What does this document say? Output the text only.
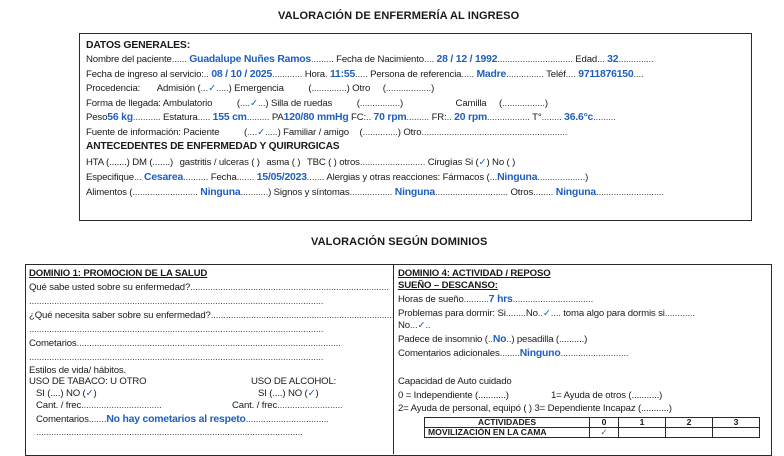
VALORACIÓN DE ENFERMERÍA AL INGRESO
DATOS GENERALES:
Nombre del paciente...... Guadalupe Nuñes Ramos......... Fecha de Nacimiento.... 28 / 12 / 1992.............................. Edad... 32..............
Fecha de ingreso al servicio:.. 08 / 10 / 2025............ Hora. 11:55..... Persona de referencia..... Madre............... Teléf.... 9711876150....
Procedencia: Admisión (...✓.....) Emergencia	(..............) Otro (..................)
Forma de llegada: Ambulatorio	(....✓...) Silla de ruedas	(................)	Camilla (.................)
Peso56 kg........... Estatura..... 155 cm......... PA120/80 mmHg FC:.. 70 rpm......... FR:.. 20 rpm................. T°........ 36.6°c.........
Fuente de información: Paciente	(....✓.....) Familiar / amigo (..............) Otro..........................................................
ANTECEDENTES DE ENFERMEDAD Y QUIRURGICAS
HTA (.......) DM (.......) gastritis / ulceras ( ) asma ( ) TBC ( ) otros.......................... Cirugías Si (✓) No ( )
Especifique... Cesarea.......... Fecha....... 15/05/2023....... Alergias y otras reacciones: Fármacos (...Ninguna...................)
Alimentos (.......................... Ninguna...........) Signos y síntomas................. Ninguna............................. Otros........ Ninguna...........................
VALORACIÓN SEGÚN DOMINIOS
DOMINIO 1: PROMOCION DE LA SALUD
Qué sabe usted sobre su enfermedad?...............................................................................
.....................................................................................................................
¿Qué necesita saber sobre su enfermedad?.........................................................................
.....................................................................................................................
Cometarios.........................................................................................................
.....................................................................................................................
Estilos de vida/ hábitos.
USO DE TABACO: U OTRO	USO DE ALCOHOL:
SI (....) NO (✓)	SI (....) NO (✓)
Cant. / frec................................	Cant. / frec..........................
Comentarios.......No hay cometarios al respeto.................................
..........................................................................................................
DOMINIO 4: ACTIVIDAD / REPOSO
SUEÑO – DESCANSO:
Horas de sueño..........7 hrs................................
Problemas para dormir: Si........No..✓.... toma algo para dormis si............
No...✓..
Padece de insomnio (..No..) pesadilla (..........)
Comentarios adicionales........Ninguno...........................
Capacidad de Auto cuidado
0 = Independiente (...........)	1= Ayuda de otros (...........)
2= Ayuda de personal, equipó ( ) 3= Dependiente Incapaz (...........)
ACTIVIDADES	0	1	2	3
MOVILIZACIÓN EN LA CAMA	✓			
